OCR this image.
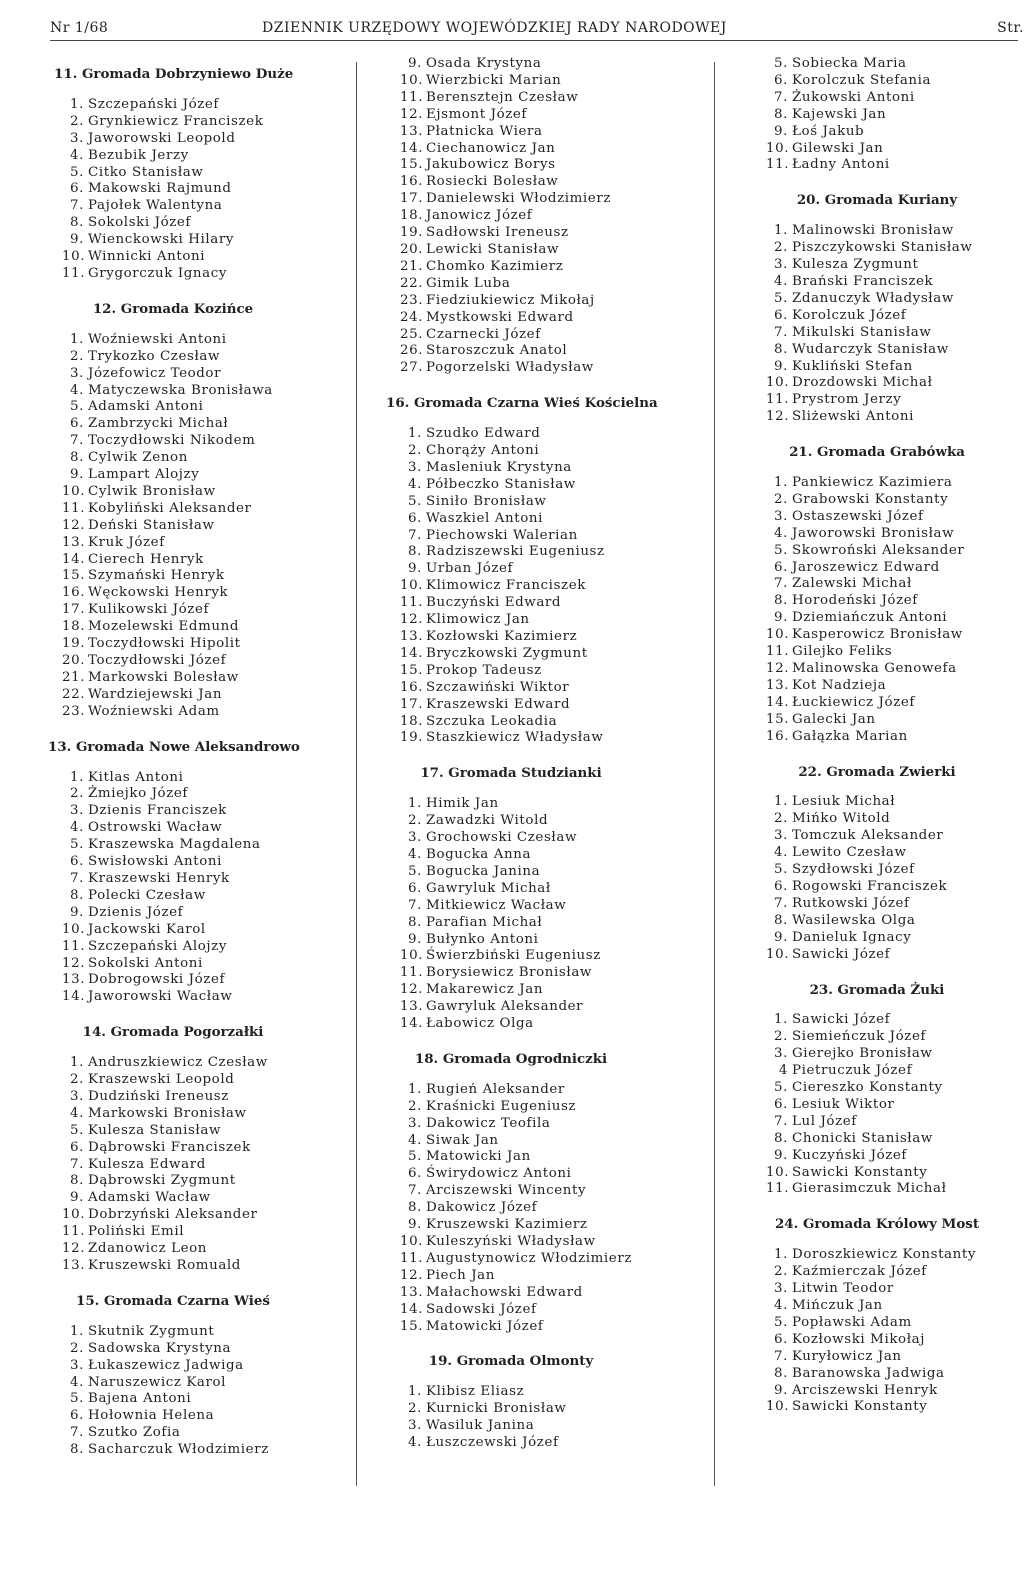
Nr 1/68	DZIENNIK URZĘDOWY WOJEWÓDZKIEJ RADY NARODOWEJ	Str.
11. Gromada Dobrzyniewo Duże
1. Szczepański Józef
2. Grynkiewicz Franciszek
3. Jaworowski Leopold
4. Bezubik Jerzy
5. Citko Stanisław
6. Makowski Rajmund
7. Pajołek Walentyna
8. Sokolski Józef
9. Wienckowski Hilary
10. Winnicki Antoni
11. Grygorczuk Ignacy
12. Gromada Kozińce
1. Woźniewski Antoni
2. Trykozko Czesław
3. Józefowicz Teodor
4. Matyczewska Bronisława
5. Adamski Antoni
6. Zambrzycki Michał
7. Toczydłowski Nikodem
8. Cylwik Zenon
9. Lampart Alojzy
10. Cylwik Bronisław
11. Kobyliński Aleksander
12. Deński Stanisław
13. Kruk Józef
14. Cierech Henryk
15. Szymański Henryk
16. Węckowski Henryk
17. Kulikowski Józef
18. Mozelewski Edmund
19. Toczydłowski Hipolit
20. Toczydłowski Józef
21. Markowski Bolesław
22. Wardziejewski Jan
23. Woźniewski Adam
13. Gromada Nowe Aleksandrowo
1. Kitlas Antoni
2. Żmiejko Józef
3. Dzienis Franciszek
4. Ostrowski Wacław
5. Kraszewska Magdalena
6. Swisłowski Antoni
7. Kraszewski Henryk
8. Polecki Czesław
9. Dzienis Józef
10. Jackowski Karol
11. Szczepański Alojzy
12. Sokolski Antoni
13. Dobrogowski Józef
14. Jaworowski Wacław
14. Gromada Pogorzałki
1. Andruszkiewicz Czesław
2. Kraszewski Leopold
3. Dudziński Ireneusz
4. Markowski Bronisław
5. Kulesza Stanisław
6. Dąbrowski Franciszek
7. Kulesza Edward
8. Dąbrowski Zygmunt
9. Adamski Wacław
10. Dobrzyński Aleksander
11. Poliński Emil
12. Zdanowicz Leon
13. Kruszewski Romuald
15. Gromada Czarna Wieś
1. Skutnik Zygmunt
2. Sadowska Krystyna
3. Łukaszewicz Jadwiga
4. Naruszewicz Karol
5. Bajena Antoni
6. Hołownia Helena
7. Szutko Zofia
8. Sacharczuk Włodzimierz
9. Osada Krystyna
10. Wierzbicki Marian
11. Berensztejn Czesław
12. Ejsmont Józef
13. Płatnicka Wiera
14. Ciechanowicz Jan
15. Jakubowicz Borys
16. Rosiecki Bolesław
17. Danielewski Włodzimierz
18. Janowicz Józef
19. Sadłowski Ireneusz
20. Lewicki Stanisław
21. Chomko Kazimierz
22. Gimik Luba
23. Fiedziukiewicz Mikołaj
24. Mystkowski Edward
25. Czarnecki Józef
26. Staroszczuk Anatol
27. Pogorzelski Władysław
16. Gromada Czarna Wieś Kościelna
1. Szudko Edward
2. Chorąży Antoni
3. Masleniuk Krystyna
4. Półbeczko Stanisław
5. Siniło Bronisław
6. Waszkiel Antoni
7. Piechowski Walerian
8. Radziszewski Eugeniusz
9. Urban Józef
10. Klimowicz Franciszek
11. Buczyński Edward
12. Klimowicz Jan
13. Kozłowski Kazimierz
14. Bryczkowski Zygmunt
15. Prokop Tadeusz
16. Szczawiński Wiktor
17. Kraszewski Edward
18. Szczuka Leokadia
19. Staszkiewicz Władysław
17. Gromada Studzianki
1. Himik Jan
2. Zawadzki Witold
3. Grochowski Czesław
4. Bogucka Anna
5. Bogucka Janina
6. Gawryluk Michał
7. Mitkiewicz Wacław
8. Parafian Michał
9. Bułynko Antoni
10. Świerzbiński Eugeniusz
11. Borysiewicz Bronisław
12. Makarewicz Jan
13. Gawryluk Aleksander
14. Łabowicz Olga
18. Gromada Ogrodniczki
1. Rugień Aleksander
2. Kraśnicki Eugeniusz
3. Dakowicz Teofila
4. Siwak Jan
5. Matowicki Jan
6. Świrydowicz Antoni
7. Arciszewski Wincenty
8. Dakowicz Józef
9. Kruszewski Kazimierz
10. Kuleszyński Władysław
11. Augustynowicz Włodzimierz
12. Piech Jan
13. Małachowski Edward
14. Sadowski Józef
15. Matowicki Józef
19. Gromada Olmonty
1. Klibisz Eliasz
2. Kurnicki Bronisław
3. Wasiluk Janina
4. Łuszczewski Józef
5. Sobiecka Maria
6. Korolczuk Stefania
7. Żukowski Antoni
8. Kajewski Jan
9. Łoś Jakub
10. Gilewski Jan
11. Ładny Antoni
20. Gromada Kuriany
1. Malinowski Bronisław
2. Piszczykowski Stanisław
3. Kulesza Zygmunt
4. Brański Franciszek
5. Zdanuczyk Władysław
6. Korolczuk Józef
7. Mikulski Stanisław
8. Wudarczyk Stanisław
9. Kukliński Stefan
10. Drozdowski Michał
11. Prystrom Jerzy
12. Sliżewski Antoni
21. Gromada Grabówka
1. Pankiewicz Kazimiera
2. Grabowski Konstanty
3. Ostaszewski Józef
4. Jaworowski Bronisław
5. Skowroński Aleksander
6. Jaroszewicz Edward
7. Zalewski Michał
8. Horodeński Józef
9. Dziemiańczuk Antoni
10. Kasperowicz Bronisław
11. Gilejko Feliks
12. Malinowska Genowefa
13. Kot Nadzieja
14. Łuckiewicz Józef
15. Galecki Jan
16. Gałązka Marian
22. Gromada Zwierki
1. Lesiuk Michał
2. Mińko Witold
3. Tomczuk Aleksander
4. Lewito Czesław
5. Szydłowski Józef
6. Rogowski Franciszek
7. Rutkowski Józef
8. Wasilewska Olga
9. Danieluk Ignacy
10. Sawicki Józef
23. Gromada Żuki
1. Sawicki Józef
2. Siemieńczuk Józef
3. Gierejko Bronisław
4 Pietruczuk Józef
5. Ciereszko Konstanty
6. Lesiuk Wiktor
7. Lul Józef
8. Chonicki Stanisław
9. Kuczyński Józef
10. Sawicki Konstanty
11. Gierasimczuk Michał
24. Gromada Królowy Most
1. Doroszkiewicz Konstanty
2. Kaźmierczak Józef
3. Litwin Teodor
4. Mińczuk Jan
5. Popławski Adam
6. Kozłowski Mikołaj
7. Kuryłowicz Jan
8. Baranowska Jadwiga
9. Arciszewski Henryk
10. Sawicki Konstanty
